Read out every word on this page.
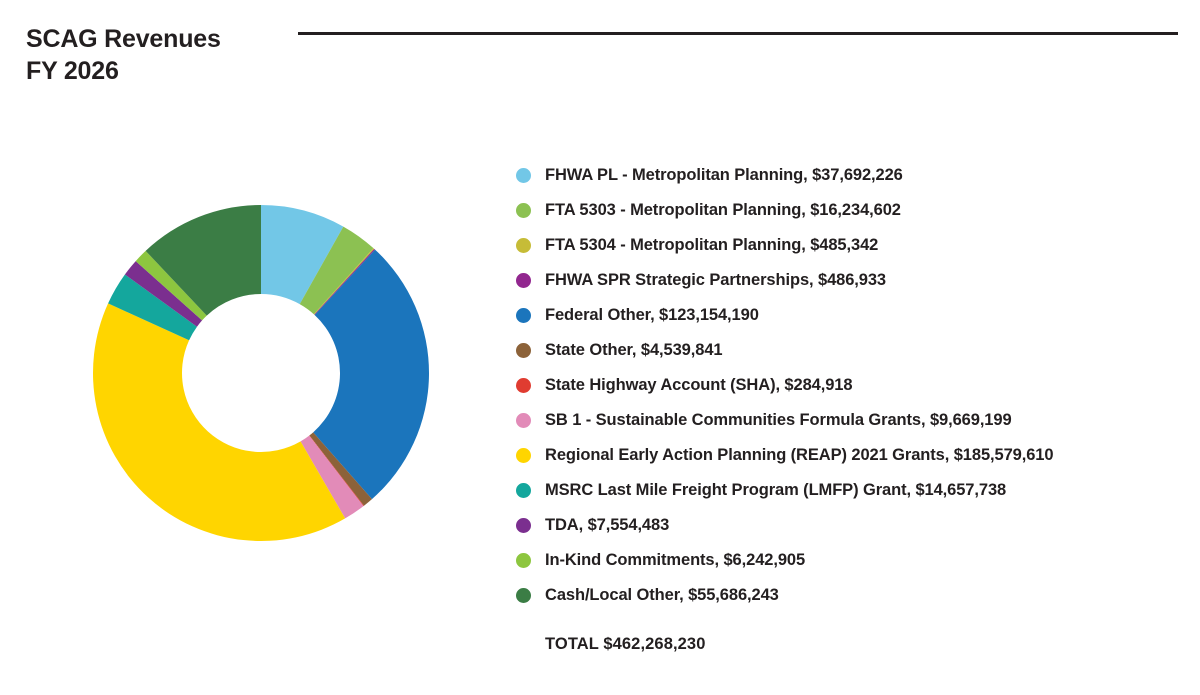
SCAG Revenues
FY 2026
FHWA PL - Metropolitan Planning, $37,692,226
FTA 5303 - Metropolitan Planning, $16,234,602
FTA 5304 - Metropolitan Planning, $485,342
FHWA SPR Strategic Partnerships, $486,933
Federal Other, $123,154,190
State Other, $4,539,841
State Highway Account (SHA), $284,918
SB 1 - Sustainable Communities Formula Grants, $9,669,199
Regional Early Action Planning (REAP) 2021 Grants, $185,579,610
MSRC Last Mile Freight Program (LMFP) Grant, $14,657,738
TDA, $7,554,483
In-Kind Commitments, $6,242,905
Cash/Local Other, $55,686,243
TOTAL $462,268,230
